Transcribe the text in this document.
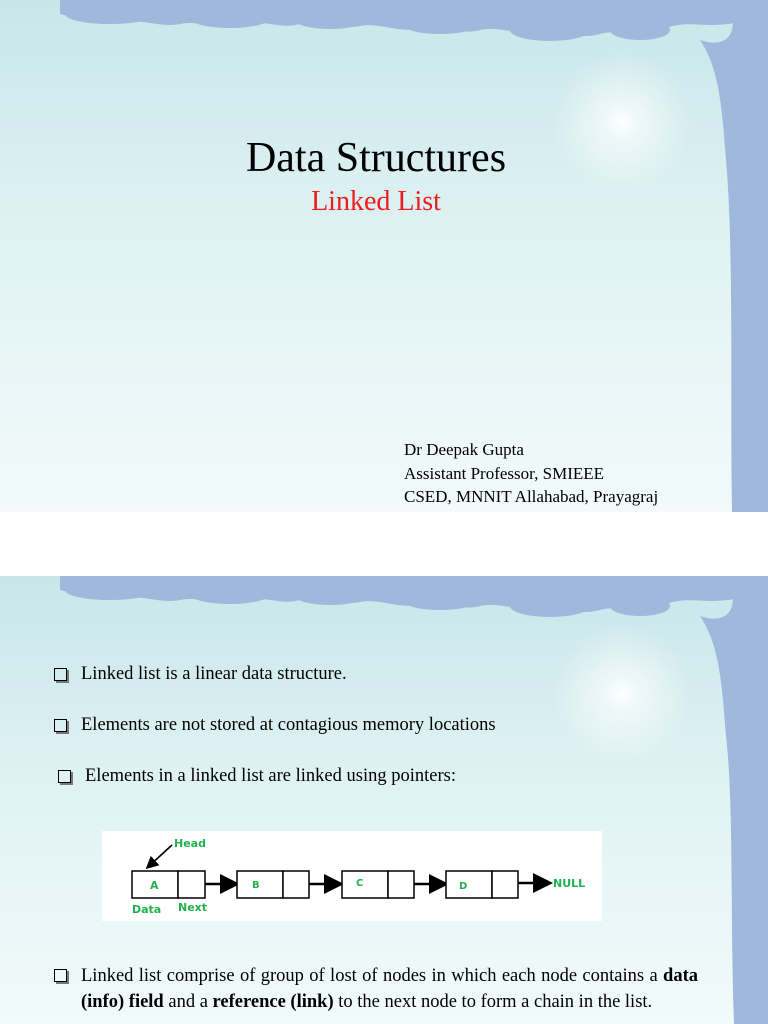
Data Structures
Linked List
Dr Deepak Gupta
Assistant Professor, SMIEEE
CSED, MNNIT Allahabad, Prayagraj
Linked list is a linear data structure.
Elements are not stored at contagious memory locations
Elements in a linked list are linked using pointers:
Head
A	B	C	D	NULL
Data Next
Linked list comprise of group of lost of nodes in which each node contains a data (info) field and a reference (link) to the next node to form a chain in the list.
